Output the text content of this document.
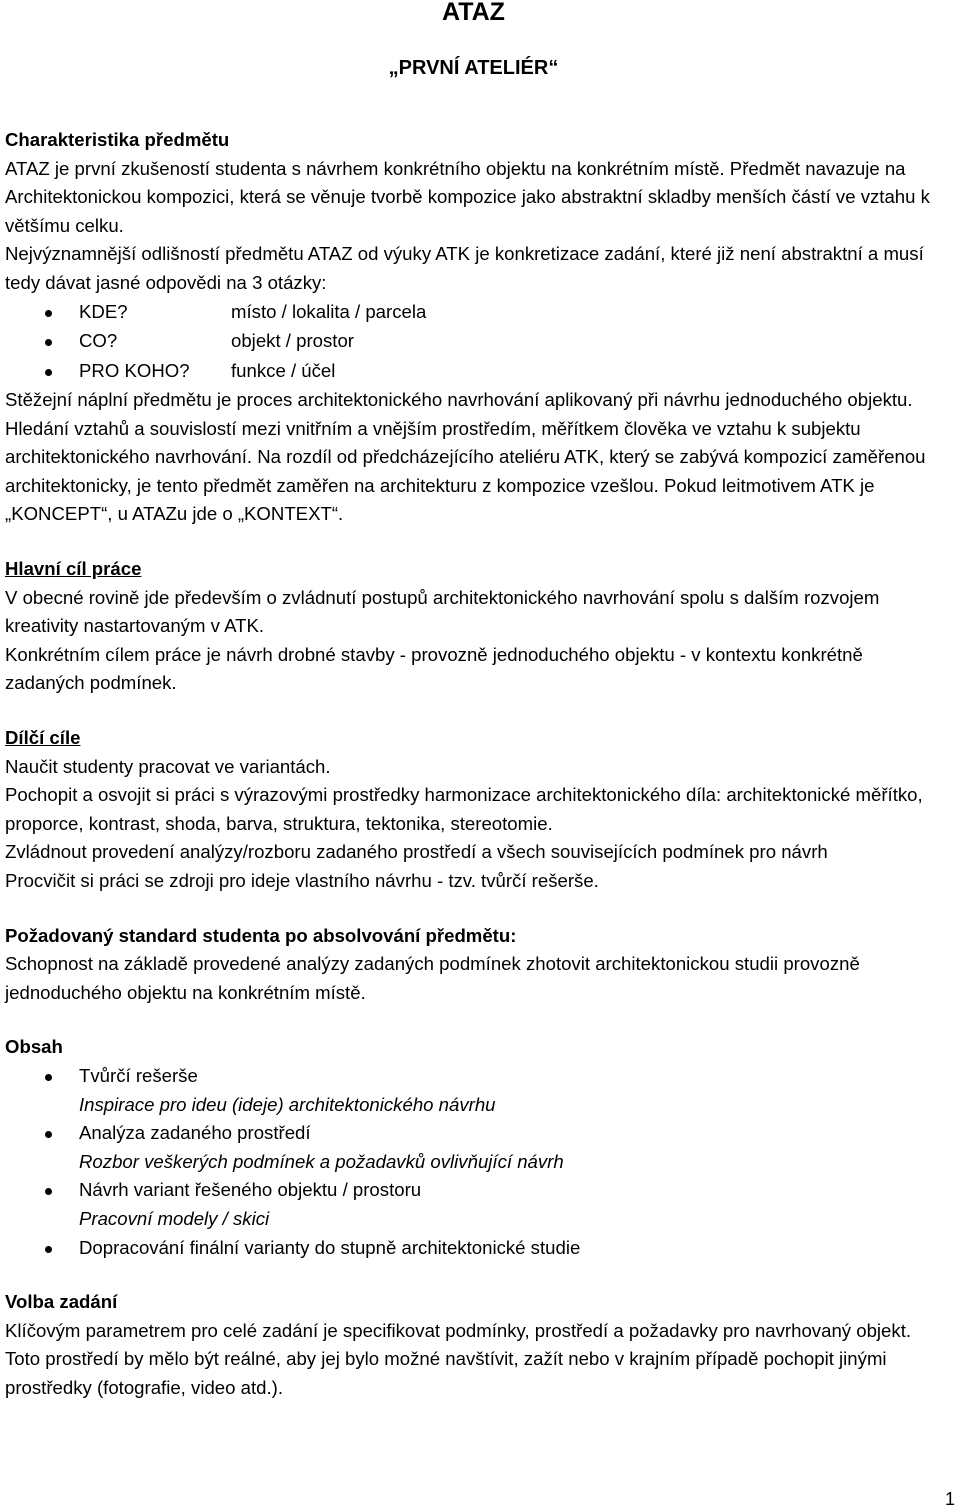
ATAZ
„PRVNÍ ATELIÉR“

Charakteristika předmětu

ATAZ je první zkušeností studenta s návrhem konkrétního objektu na konkrétním místě. Předmět navazuje na Architektonickou kompozici, která se věnuje tvorbě kompozice jako abstraktní skladby menších částí ve vztahu k většímu celku.

Nejvýznamnější odlišností předmětu ATAZ od výuky ATK je konkretizace zadání, které již není abstraktní a musí tedy dávat jasné odpovědi na 3 otázky:

KDE?	místo / lokalita / parcela
CO?	objekt / prostor
PRO KOHO? funkce / účel

Stěžejní náplní předmětu je proces architektonického navrhování aplikovaný při návrhu jednoduchého objektu. Hledání vztahů a souvislostí mezi vnitřním a vnějším prostředím, měřítkem člověka ve vztahu k subjektu architektonického navrhování. Na rozdíl od předcházejícího ateliéru ATK, který se zabývá kompozicí zaměřenou architektonicky, je tento předmět zaměřen na architekturu z kompozice vzešlou. Pokud leitmotivem ATK je „KONCEPT“, u ATAZu jde o „KONTEXT“.

Hlavní cíl práce

V obecné rovině jde především o zvládnutí postupů architektonického navrhování spolu s dalším rozvojem kreativity nastartovaným v ATK.

Konkrétním cílem práce je návrh drobné stavby - provozně jednoduchého objektu - v kontextu konkrétně zadaných podmínek.

Dílčí cíle

Naučit studenty pracovat ve variantách.

Pochopit a osvojit si práci s výrazovými prostředky harmonizace architektonického díla: architektonické měřítko, proporce, kontrast, shoda, barva, struktura, tektonika, stereotomie.

Zvládnout provedení analýzy/rozboru zadaného prostředí a všech souvisejících podmínek pro návrh

Procvičit si práci se zdroji pro ideje vlastního návrhu - tzv. tvůrčí rešerše.

Požadovaný standard studenta po absolvování předmětu:

Schopnost na základě provedené analýzy zadaných podmínek zhotovit architektonickou studii provozně jednoduchého objektu na konkrétním místě.

Obsah

Tvůrčí rešerše
Inspirace pro ideu (ideje) architektonického návrhu
Analýza zadaného prostředí
Rozbor veškerých podmínek a požadavků ovlivňující návrh
Návrh variant řešeného objektu / prostoru
Pracovní modely / skici
Dopracování finální varianty do stupně architektonické studie

Volba zadání

Klíčovým parametrem pro celé zadání je specifikovat podmínky, prostředí a požadavky pro navrhovaný objekt. Toto prostředí by mělo být reálné, aby jej bylo možné navštívit, zažít nebo v krajním případě pochopit jinými prostředky (fotografie, video atd.).

1
